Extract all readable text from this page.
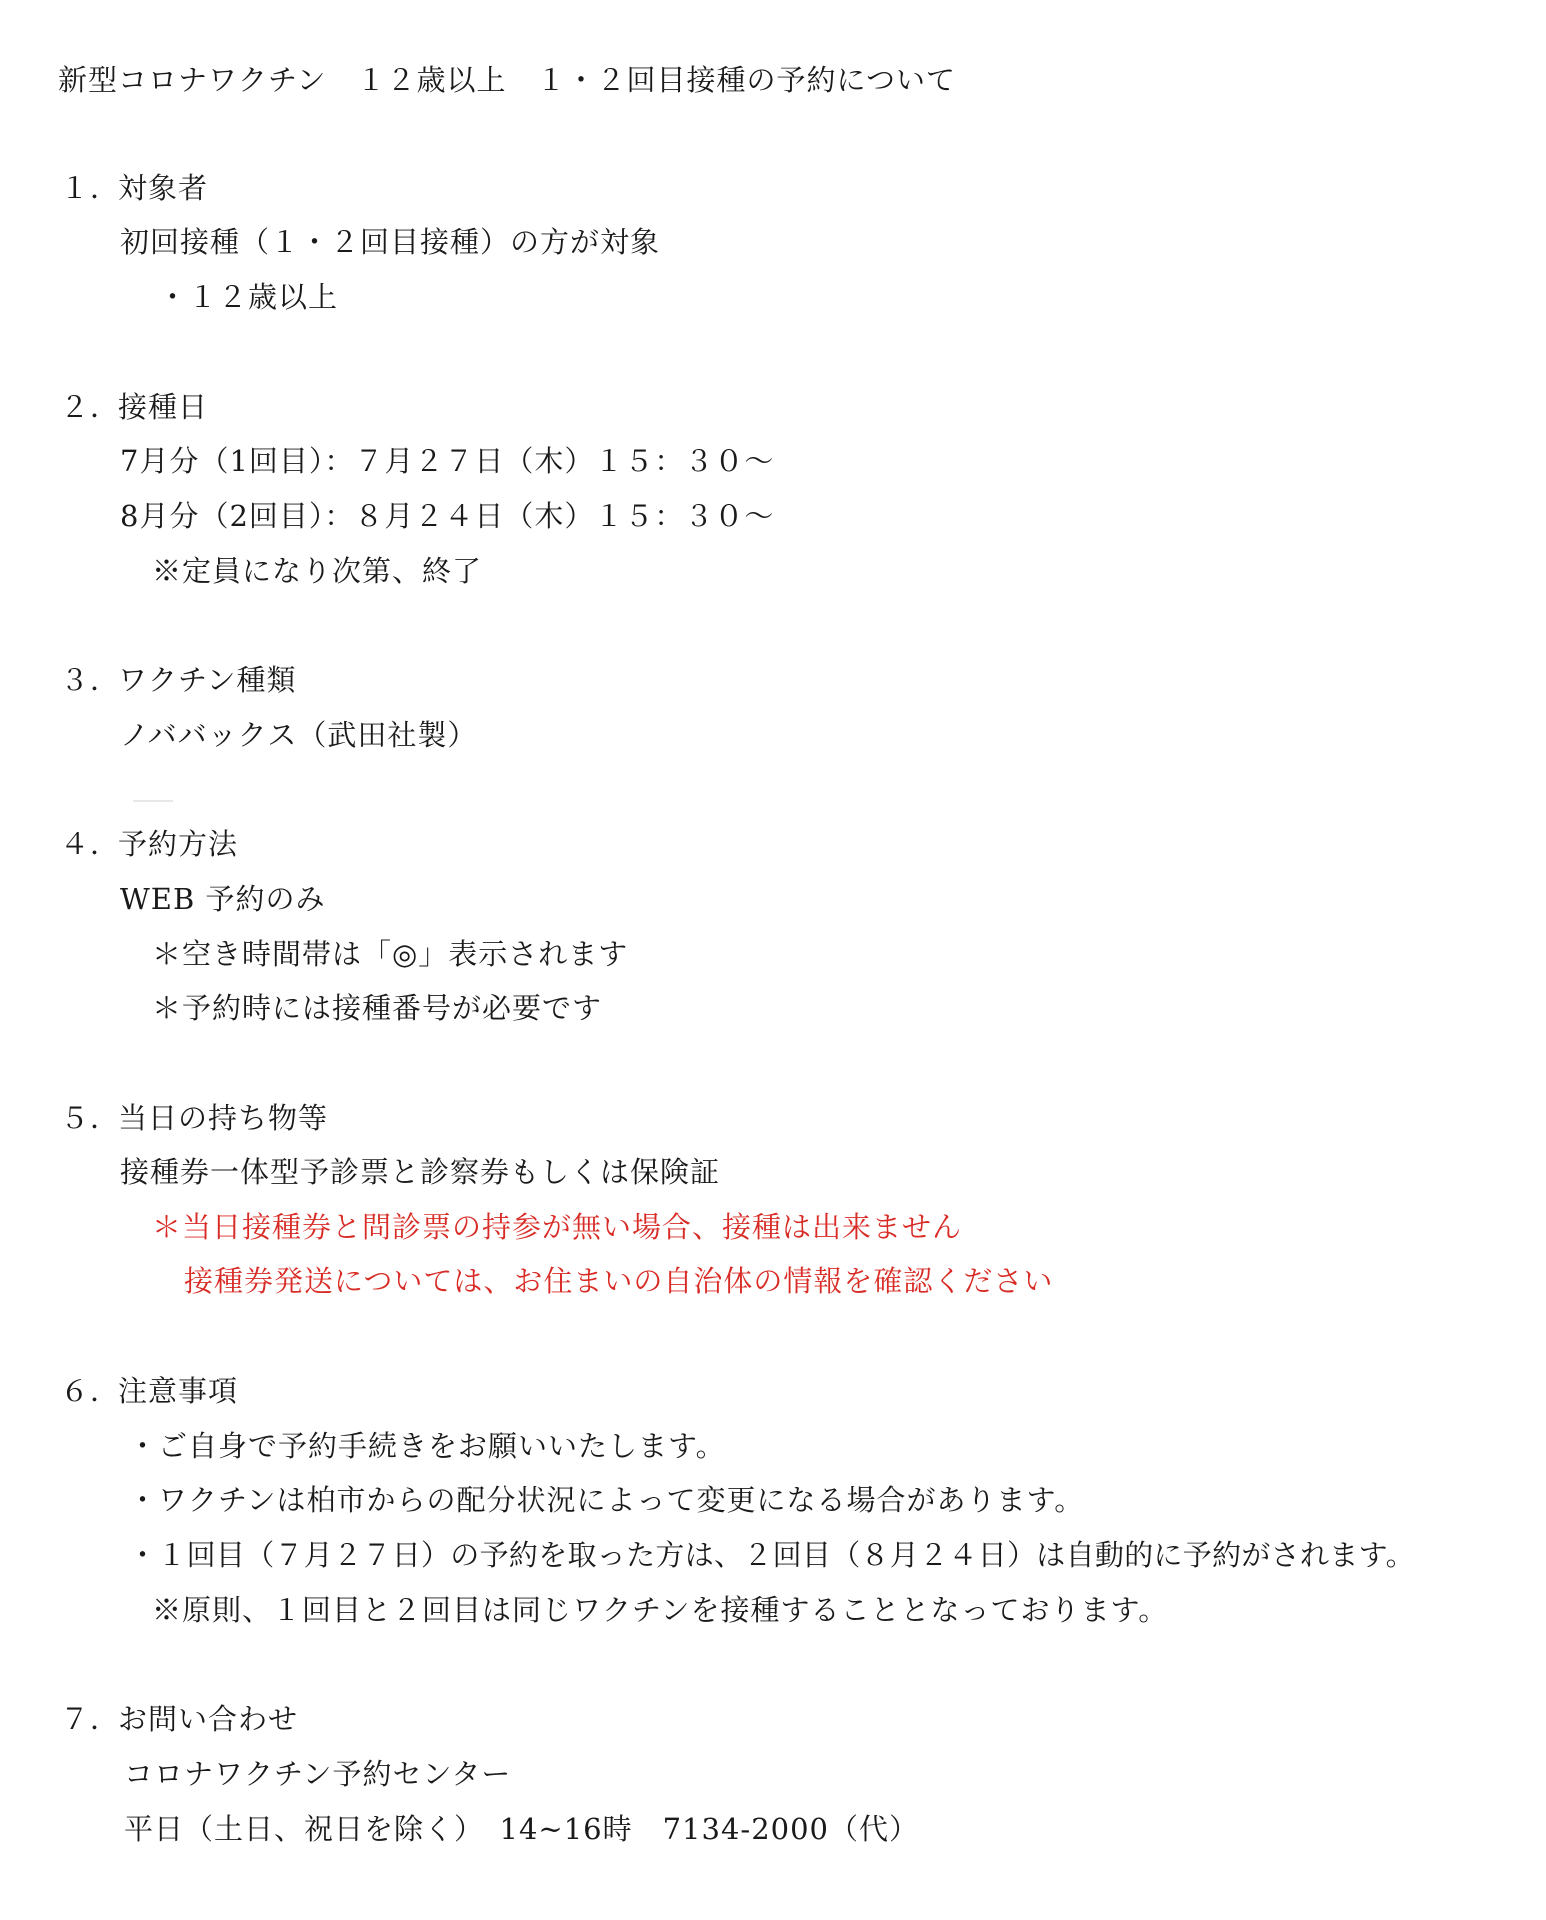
新型コロナワクチン　１２歳以上　１・２回目接種の予約について
１．対象者
初回接種（１・２回目接種）の方が対象
・１２歳以上
２．接種日
7月分（1回目）：７月２７日（木）１５：３０～
8月分（2回目）：８月２４日（木）１５：３０～
※定員になり次第、終了
３．ワクチン種類
ノババックス（武田社製）
４．予約方法
WEB 予約のみ
＊空き時間帯は「◎」表示されます
＊予約時には接種番号が必要です
５．当日の持ち物等
接種券一体型予診票と診察券もしくは保険証
＊当日接種券と問診票の持参が無い場合、接種は出来ません
接種券発送については、お住まいの自治体の情報を確認ください
６．注意事項
・ご自身で予約手続きをお願いいたします。
・ワクチンは柏市からの配分状況によって変更になる場合があります。
・１回目（７月２７日）の予約を取った方は、２回目（８月２４日）は自動的に予約がされます。
※原則、１回目と２回目は同じワクチンを接種することとなっております。
７．お問い合わせ
コロナワクチン予約センター
平日（土日、祝日を除く）　14~16時　7134-2000（代）
